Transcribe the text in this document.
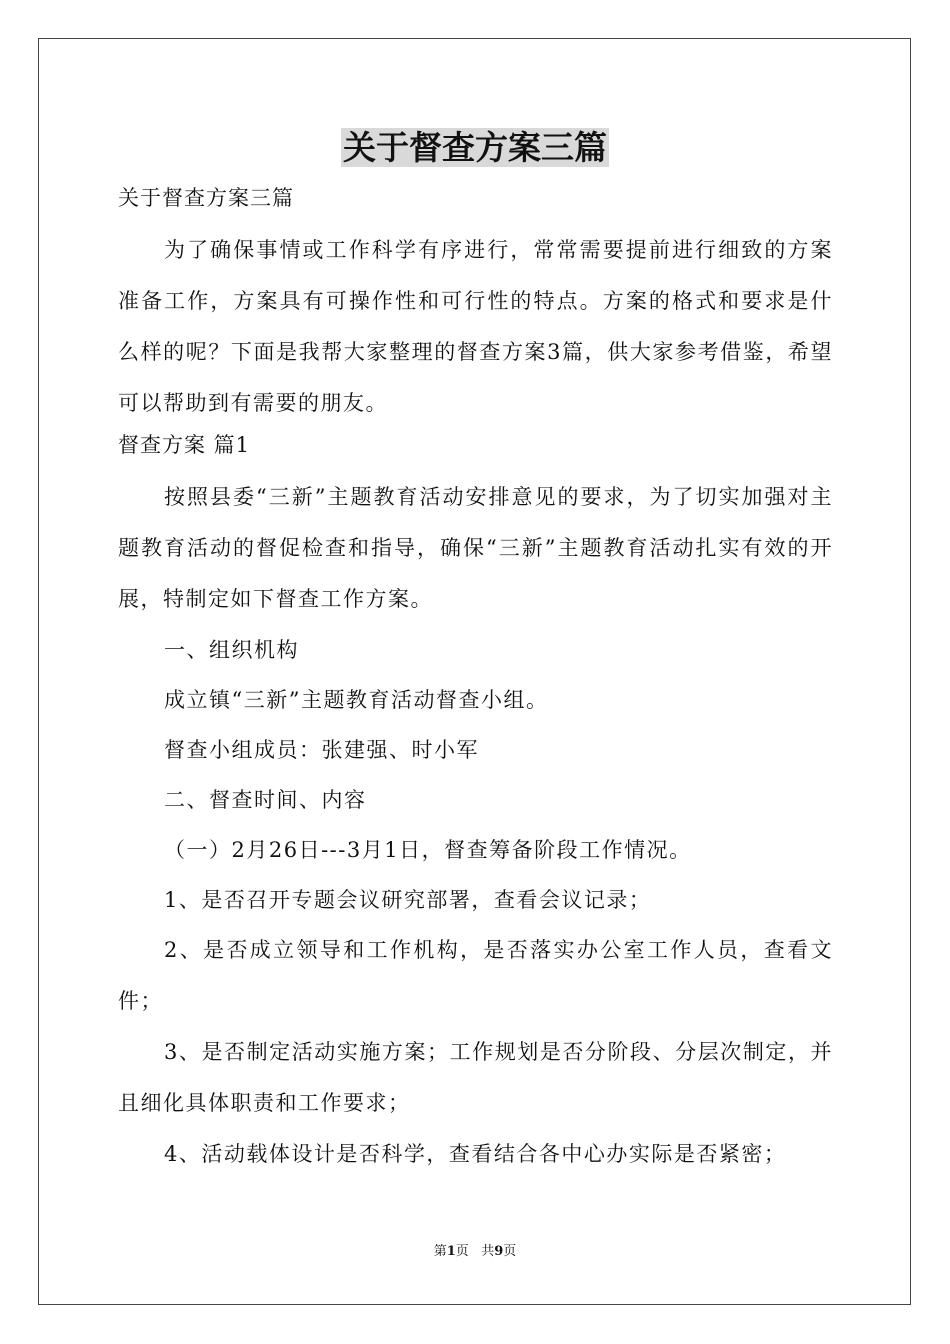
关于督查方案三篇

关于督查方案三篇

为了确保事情或工作科学有序进行，常常需要提前进行细致的方案准备工作，方案具有可操作性和可行性的特点。方案的格式和要求是什么样的呢？下面是我帮大家整理的督查方案3篇，供大家参考借鉴，希望可以帮助到有需要的朋友。

督查方案 篇1

按照县委“三新”主题教育活动安排意见的要求，为了切实加强对主题教育活动的督促检查和指导，确保“三新”主题教育活动扎实有效的开展，特制定如下督查工作方案。

一、组织机构

成立镇“三新”主题教育活动督查小组。

督查小组成员：张建强、时小军

二、督查时间、内容

（一）2月26日---3月1日，督查筹备阶段工作情况。

1、是否召开专题会议研究部署，查看会议记录；

2、是否成立领导和工作机构，是否落实办公室工作人员，查看文件；

3、是否制定活动实施方案；工作规划是否分阶段、分层次制定，并且细化具体职责和工作要求；

4、活动载体设计是否科学，查看结合各中心办实际是否紧密；

第1页   共9页
